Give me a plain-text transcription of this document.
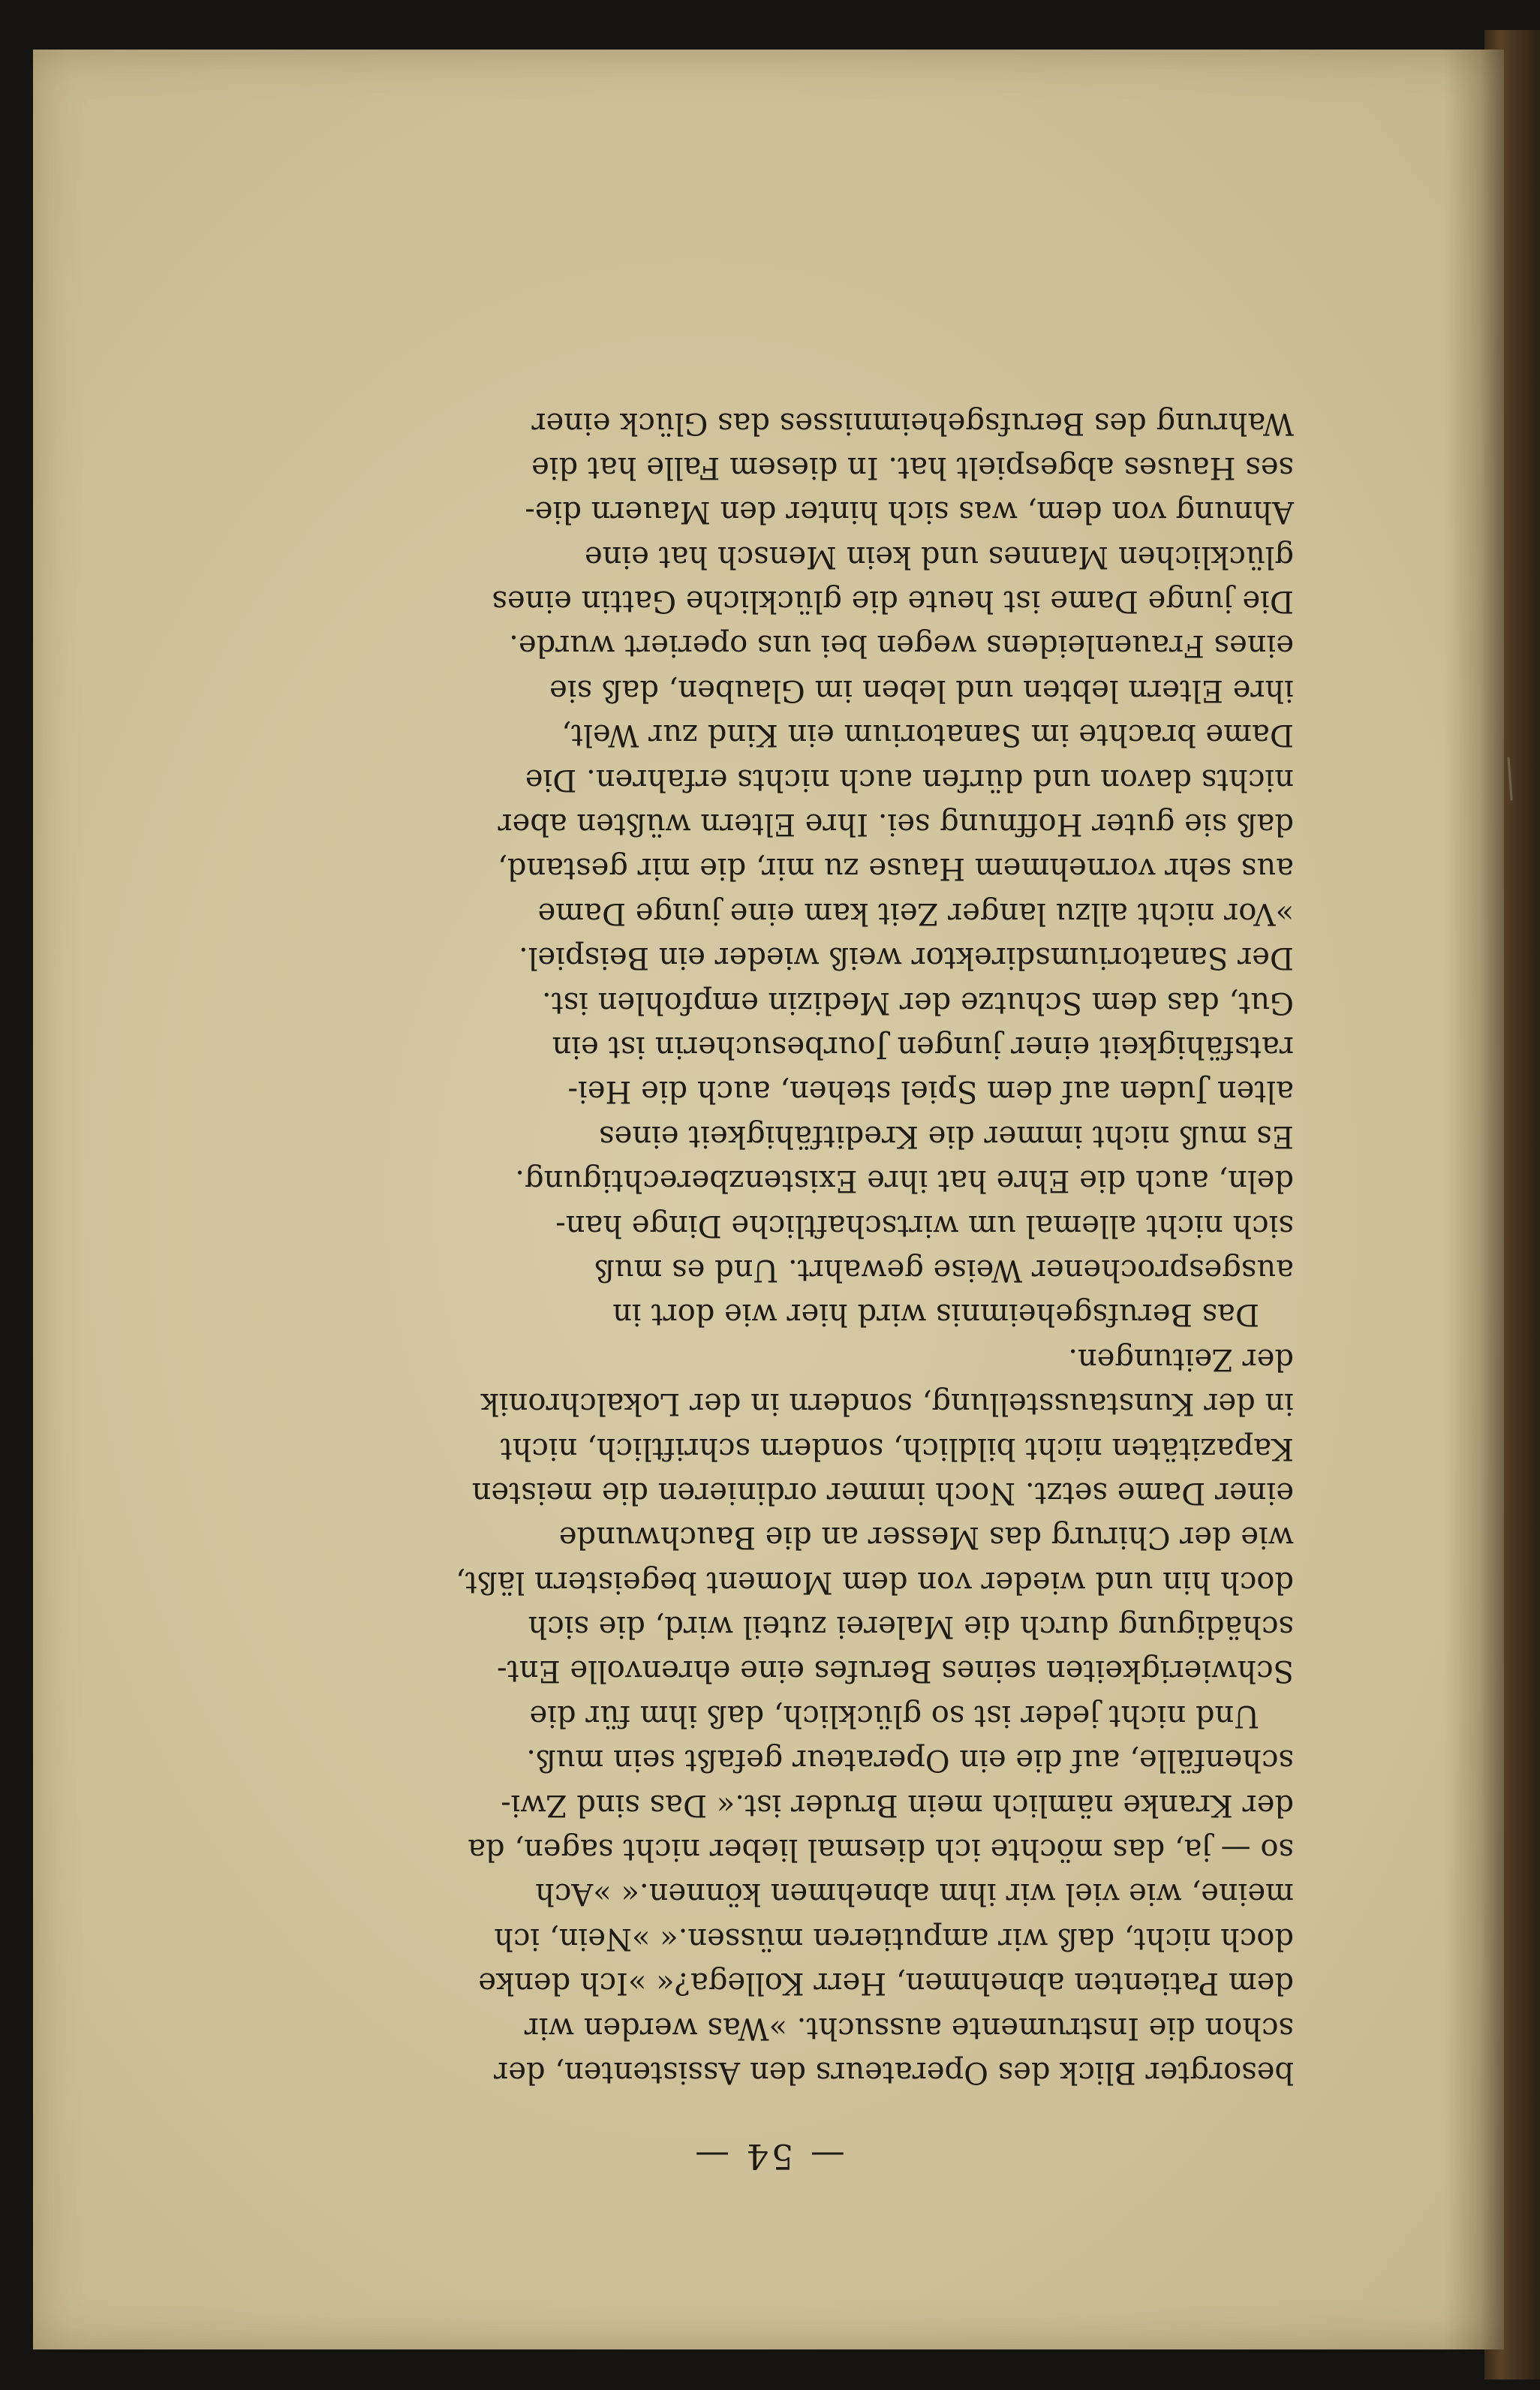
— 54 —
besorgter Blick des Operateurs den Assistenten, der
schon die Instrumente aussucht. »Was werden wir
dem Patienten abnehmen, Herr Kollega?« »Ich denke
doch nicht, daß wir amputieren müssen.« »Nein, ich
meine, wie viel wir ihm abnehmen können.« »Ach
so — ja, das möchte ich diesmal lieber nicht sagen, da
der Kranke nämlich mein Bruder ist.« Das sind Zwi-
schenfälle, auf die ein Operateur gefaßt sein muß.
Und nicht jeder ist so glücklich, daß ihm für die
Schwierigkeiten seines Berufes eine ehrenvolle Ent-
schädigung durch die Malerei zuteil wird, die sich
doch hin und wieder von dem Moment begeistern läßt,
wie der Chirurg das Messer an die Bauchwunde
einer Dame setzt. Noch immer ordinieren die meisten
Kapazitäten nicht bildlich, sondern schriftlich, nicht
in der Kunstausstellung, sondern in der Lokalchronik
der Zeitungen.
Das Berufsgeheimnis wird hier wie dort in
ausgesprochener Weise gewahrt. Und es muß
sich nicht allemal um wirtschaftliche Dinge han-
deln, auch die Ehre hat ihre Existenzberechtigung.
Es muß nicht immer die Kreditfähigkeit eines
alten Juden auf dem Spiel stehen, auch die Hei-
ratsfähigkeit einer jungen Jourbesucherin ist ein
Gut, das dem Schutze der Medizin empfohlen ist.
Der Sanatoriumsdirektor weiß wieder ein Beispiel.
»Vor nicht allzu langer Zeit kam eine junge Dame
aus sehr vornehmem Hause zu mir, die mir gestand,
daß sie guter Hoffnung sei. Ihre Eltern wüßten aber
nichts davon und dürfen auch nichts erfahren. Die
Dame brachte im Sanatorium ein Kind zur Welt,
ihre Eltern lebten und leben im Glauben, daß sie
eines Frauenleidens wegen bei uns operiert wurde.
Die junge Dame ist heute die glückliche Gattin eines
glücklichen Mannes und kein Mensch hat eine
Ahnung von dem, was sich hinter den Mauern die-
ses Hauses abgespielt hat. In diesem Falle hat die
Wahrung des Berufsgeheimnisses das Glück einer
